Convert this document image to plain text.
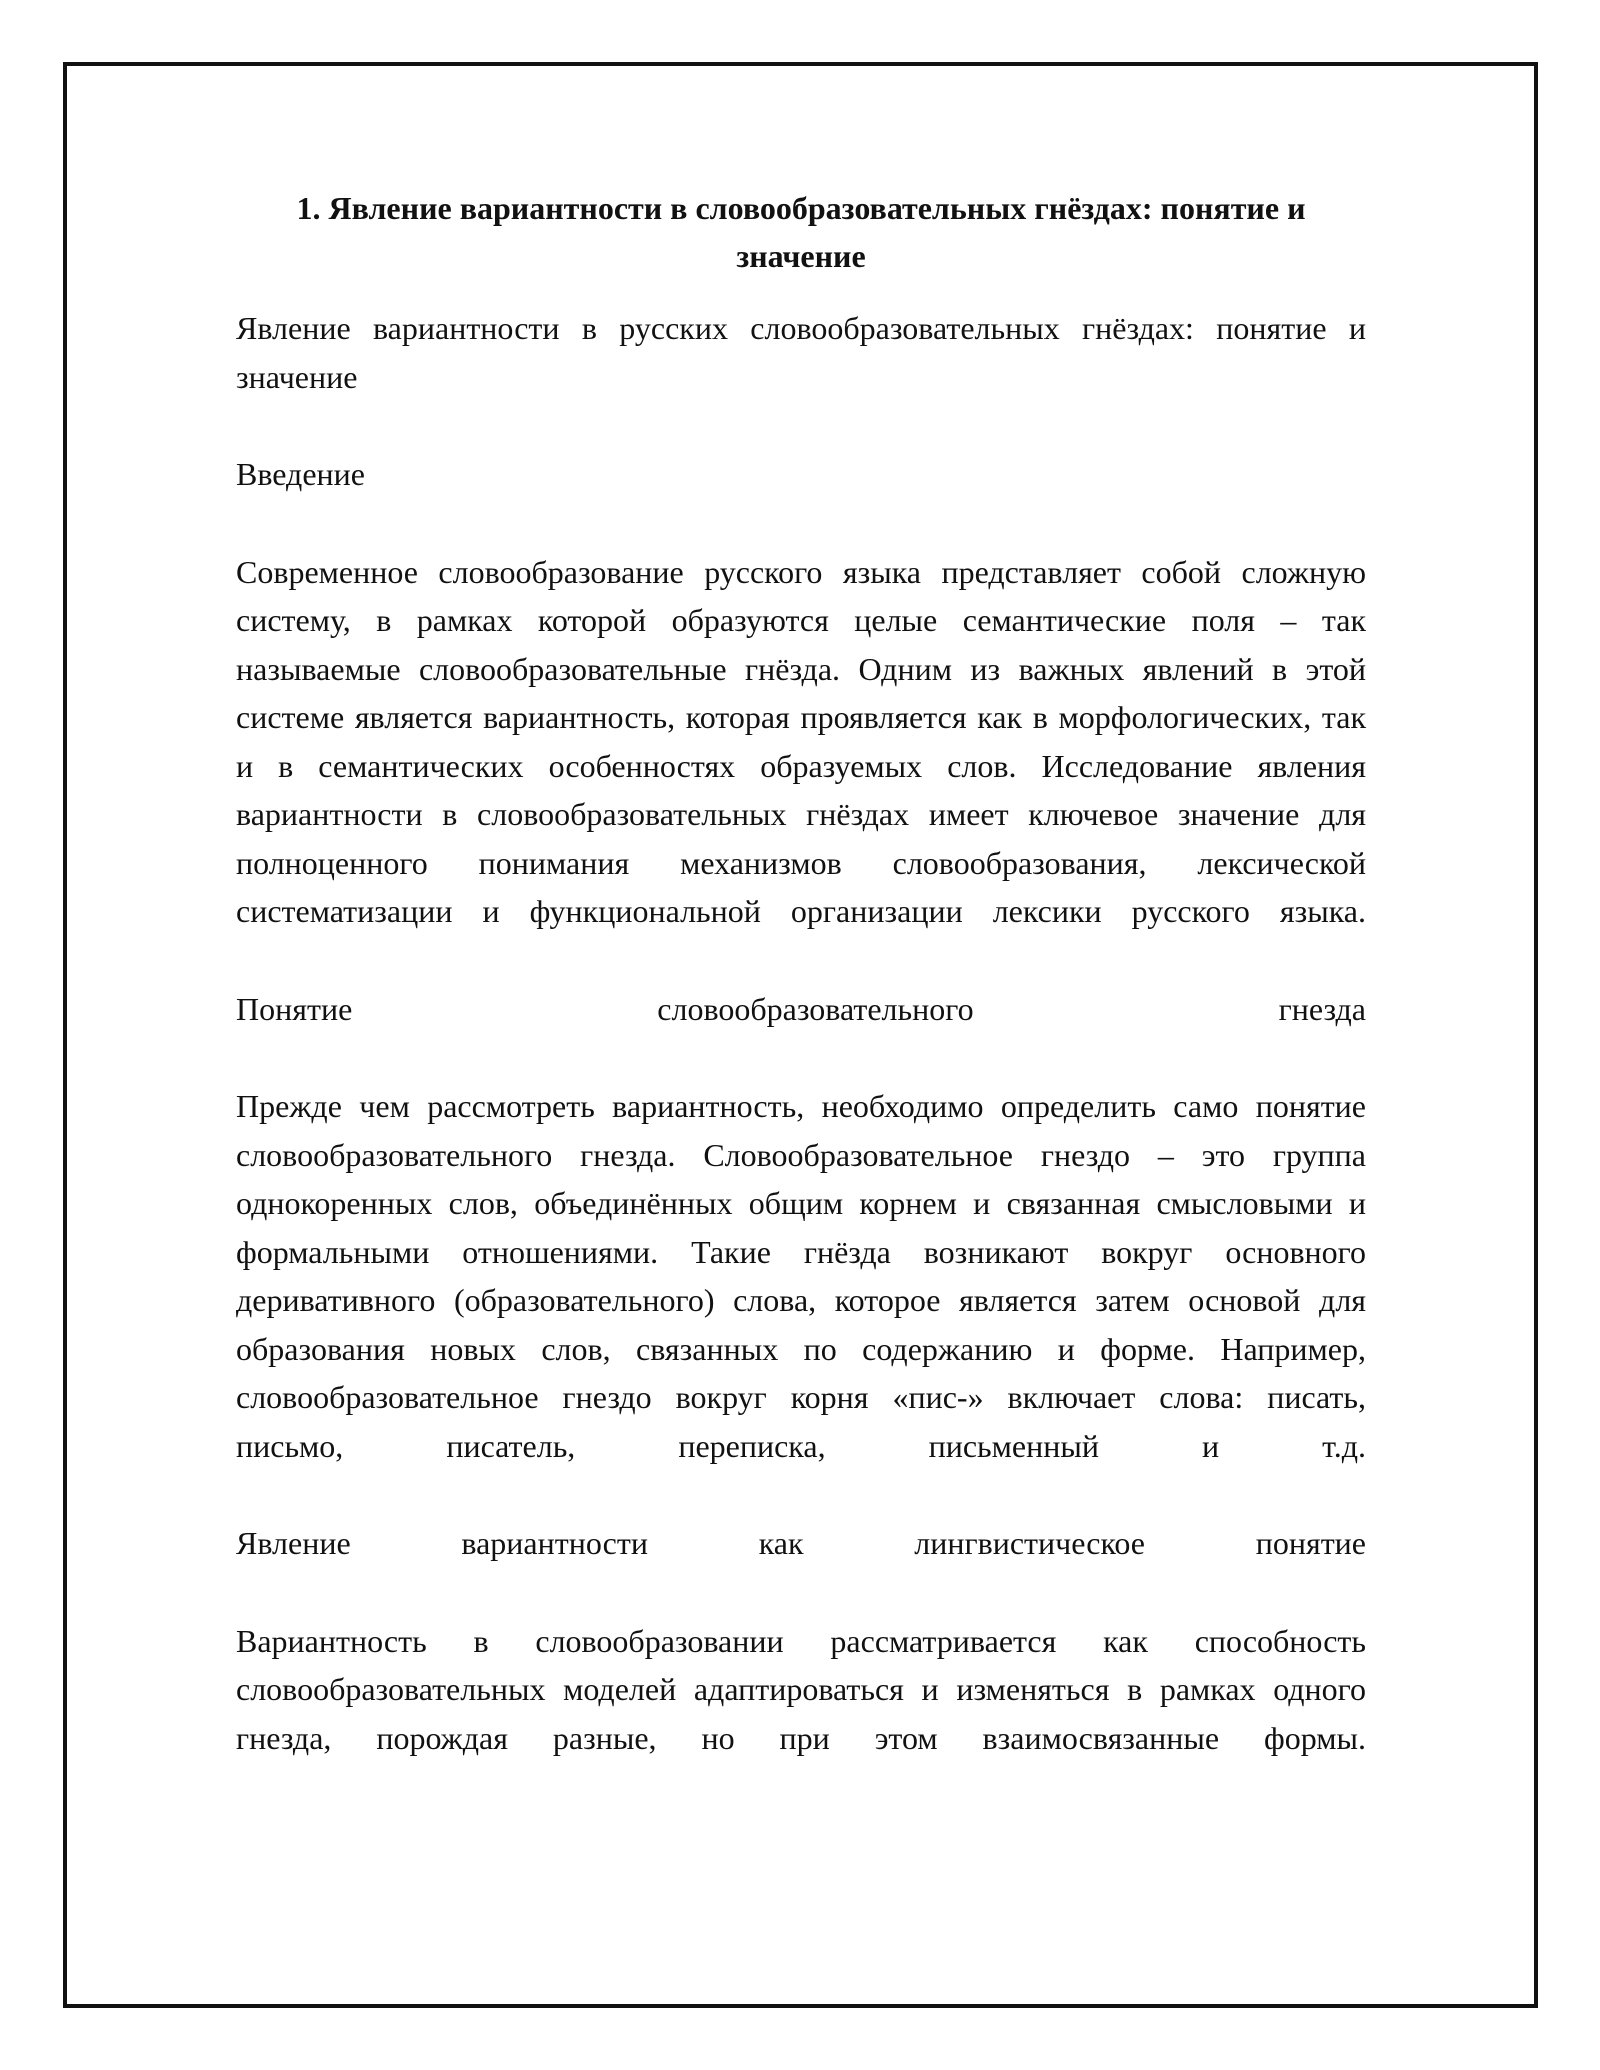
1. Явление вариантности в словообразовательных гнёздах: понятие и значение

Явление вариантности в русских словообразовательных гнёздах: понятие и значение

Введение

Современное словообразование русского языка представляет собой сложную систему, в рамках которой образуются целые семантические поля – так называемые словообразовательные гнёзда. Одним из важных явлений в этой системе является вариантность, которая проявляется как в морфологических, так и в семантических особенностях образуемых слов. Исследование явления вариантности в словообразовательных гнёздах имеет ключевое значение для полноценного понимания механизмов словообразования, лексической систематизации и функциональной организации лексики русского языка.

Понятие словообразовательного гнезда

Прежде чем рассмотреть вариантность, необходимо определить само понятие словообразовательного гнезда. Словообразовательное гнездо – это группа однокоренных слов, объединённых общим корнем и связанная смысловыми и формальными отношениями. Такие гнёзда возникают вокруг основного деривативного (образовательного) слова, которое является затем основой для образования новых слов, связанных по содержанию и форме. Например, словообразовательное гнездо вокруг корня «пис-» включает слова: писать, письмо, писатель, переписка, письменный и т.д.

Явление вариантности как лингвистическое понятие

Вариантность в словообразовании рассматривается как способность словообразовательных моделей адаптироваться и изменяться в рамках одного гнезда, порождая разные, но при этом взаимосвязанные формы.
